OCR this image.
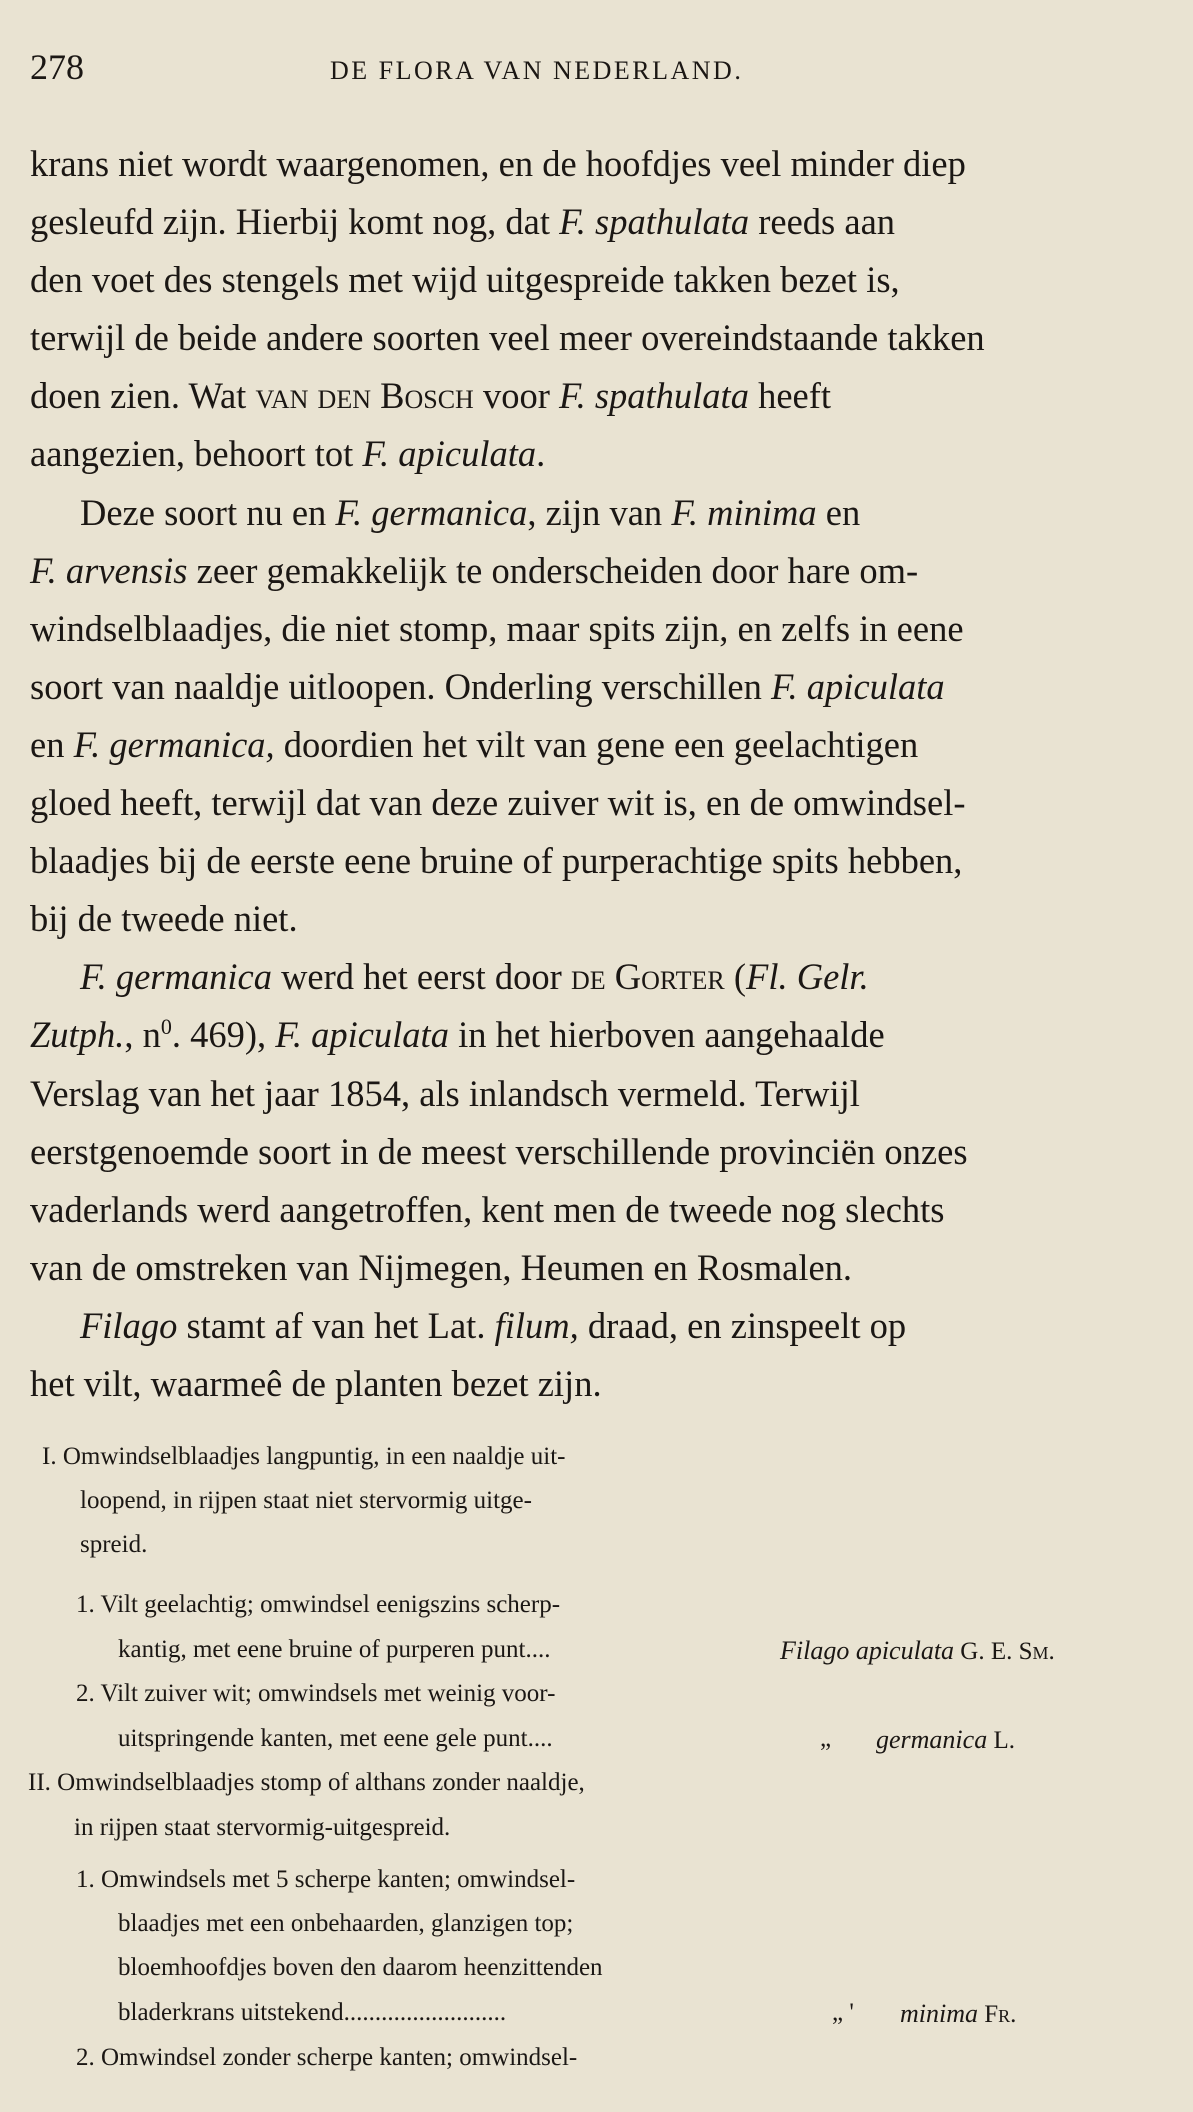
278	DE FLORA VAN NEDERLAND.

krans niet wordt waargenomen, en de hoofdjes veel minder diep

gesleufd zijn. Hierbij komt nog, dat F. spathulata reeds aan

den voet des stengels met wijd uitgespreide takken bezet is,

terwijl de beide andere soorten veel meer overeindstaande takken

doen zien. Wat van den Bosch voor F. spathulata heeft

aangezien, behoort tot F. apiculata.

Deze soort nu en F. germanica, zijn van F. minima en

F. arvensis zeer gemakkelijk te onderscheiden door hare om-

windselblaadjes, die niet stomp, maar spits zijn, en zelfs in eene

soort van naaldje uitloopen. Onderling verschillen F. apiculata

en F. germanica, doordien het vilt van gene een geelachtigen

gloed heeft, terwijl dat van deze zuiver wit is, en de omwindsel-

blaadjes bij de eerste eene bruine of purperachtige spits hebben,

bij de tweede niet.

F. germanica werd het eerst door de Gorter (Fl. Gelr.

Zutph., $n^0$. 469), F. apiculata in het hierboven aangehaalde

Verslag van het jaar 1854, als inlandsch vermeld. Terwijl

eerstgenoemde soort in de meest verschillende provinciën onzes

vaderlands werd aangetroffen, kent men de tweede nog slechts

van de omstreken van Nijmegen, Heumen en Rosmalen.

Filago stamt af van het Lat. filum, draad, en zinspeelt op

het vilt, waarmeê de planten bezet zijn.

I. Omwindselblaadjes langpuntig, in een naaldje uit-
loopend, in rijpen staat niet stervormig uitge-
spreid.
1. Vilt geelachtig; omwindsel eenigszins scherp-
kantig, met eene bruine of purperen punt....	Filago apiculata G. E. Sm.
2. Vilt zuiver wit; omwindsels met weinig voor-
uitspringende kanten, met eene gele punt....	„ germanica L.
II. Omwindselblaadjes stomp of althans zonder naaldje,
in rijpen staat stervormig-uitgespreid.
1. Omwindsels met 5 scherpe kanten; omwindsel-
blaadjes met een onbehaarden, glanzigen top;
bloemhoofdjes boven den daarom heenzittenden
bladerkrans uitstekend..........................	„ ' minima Fr.
2. Omwindsel zonder scherpe kanten; omwindsel-
